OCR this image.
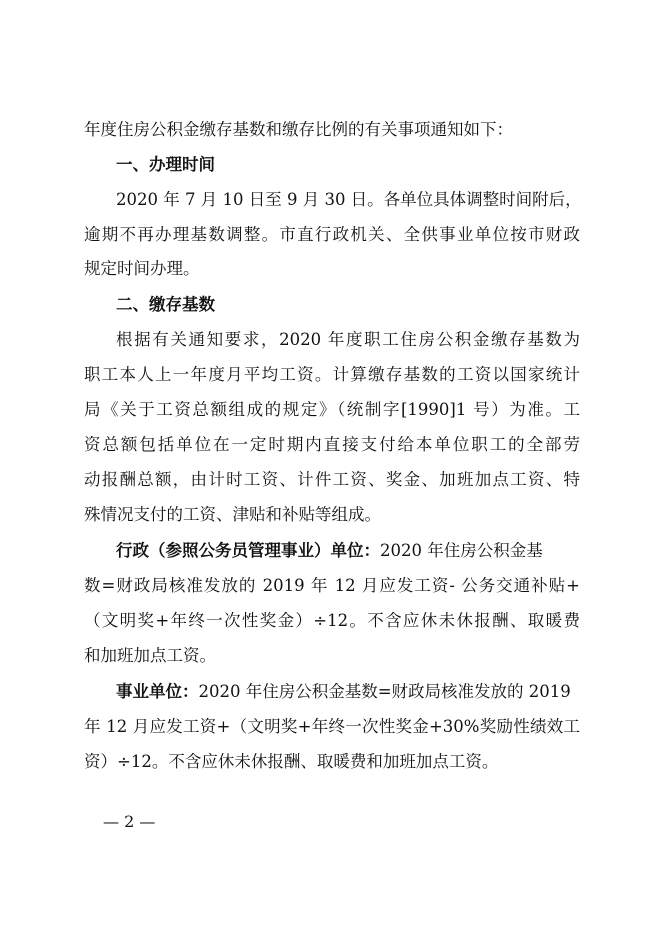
年度住房公积金缴存基数和缴存比例的有关事项通知如下：
一、办理时间
2020 年 7 月 10 日至 9 月 30 日。各单位具体调整时间附后，
逾期不再办理基数调整。市直行政机关、全供事业单位按市财政
规定时间办理。
二、缴存基数
根据有关通知要求，2020 年度职工住房公积金缴存基数为
职工本人上一年度月平均工资。计算缴存基数的工资以国家统计
局《关于工资总额组成的规定》（统制字[1990]1 号）为准。工
资总额包括单位在一定时期内直接支付给本单位职工的全部劳
动报酬总额，由计时工资、计件工资、奖金、加班加点工资、特
殊情况支付的工资、津贴和补贴等组成。
行政（参照公务员管理事业）单位：2020 年住房公积金基
数=财政局核准发放的 2019 年 12 月应发工资- 公务交通补贴+
（文明奖+年终一次性奖金）÷12。不含应休未休报酬、取暖费
和加班加点工资。
事业单位：2020 年住房公积金基数=财政局核准发放的 2019
年 12 月应发工资+（文明奖+年终一次性奖金+30%奖励性绩效工
资）÷12。不含应休未休报酬、取暖费和加班加点工资。
— 2 —
